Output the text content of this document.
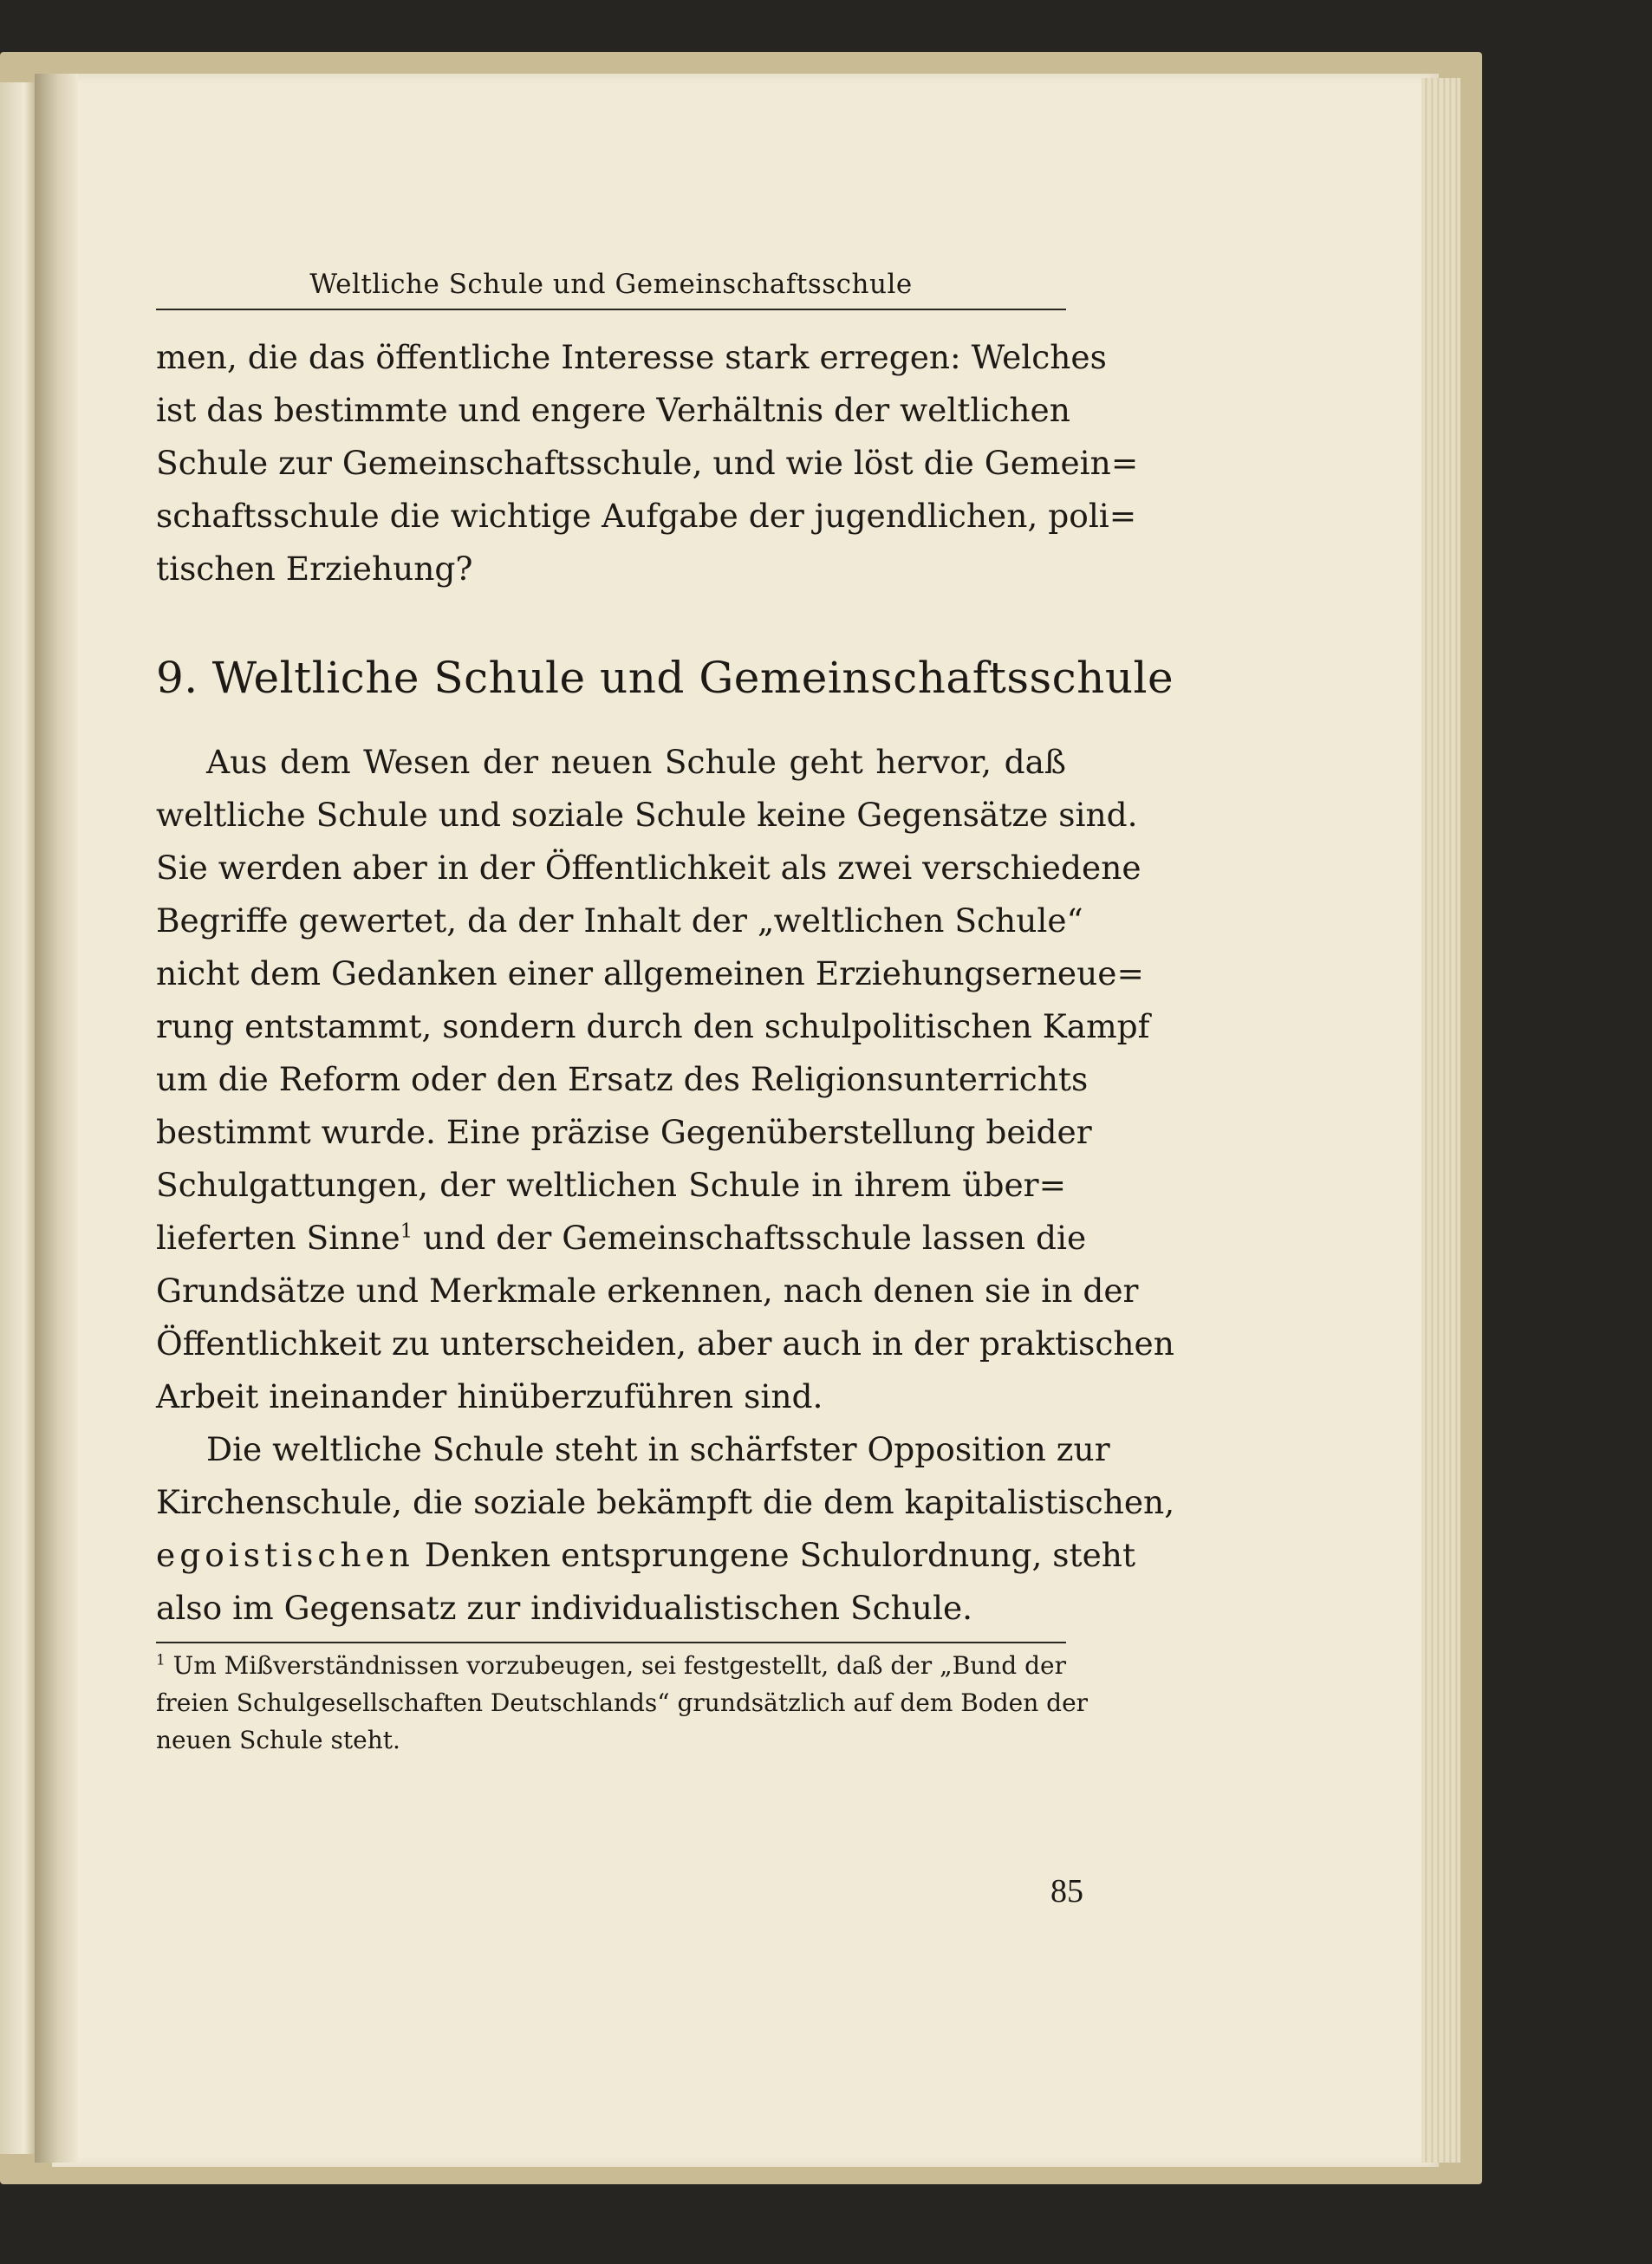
Weltliche Schule und Gemeinschaftsschule
men, die das öffentliche Interesse stark erregen: Welches
ist das bestimmte und engere Verhältnis der weltlichen
Schule zur Gemeinschaftsschule, und wie löst die Gemein=
schaftsschule die wichtige Aufgabe der jugendlichen, poli=
tischen Erziehung?
9. Weltliche Schule und Gemeinschaftsschule
Aus dem Wesen der neuen Schule geht hervor, daß
weltliche Schule und soziale Schule keine Gegensätze sind.
Sie werden aber in der Öffentlichkeit als zwei verschiedene
Begriffe gewertet, da der Inhalt der „weltlichen Schule“
nicht dem Gedanken einer allgemeinen Erziehungserneue=
rung entstammt, sondern durch den schulpolitischen Kampf
um die Reform oder den Ersatz des Religionsunterrichts
bestimmt wurde. Eine präzise Gegenüberstellung beider
Schulgattungen, der weltlichen Schule in ihrem über=
lieferten Sinne$^1$ und der Gemeinschaftsschule lassen die
Grundsätze und Merkmale erkennen, nach denen sie in der
Öffentlichkeit zu unterscheiden, aber auch in der praktischen
Arbeit ineinander hinüberzuführen sind.
Die weltliche Schule steht in schärfster Opposition zur
Kirchenschule, die soziale bekämpft die dem kapitalistischen,
egoistischen Denken entsprungene Schulordnung, steht
also im Gegensatz zur individualistischen Schule.
$^1$ Um Mißverständnissen vorzubeugen, sei festgestellt, daß der „Bund der
freien Schulgesellschaften Deutschlands“ grundsätzlich auf dem Boden der
neuen Schule steht.
85
